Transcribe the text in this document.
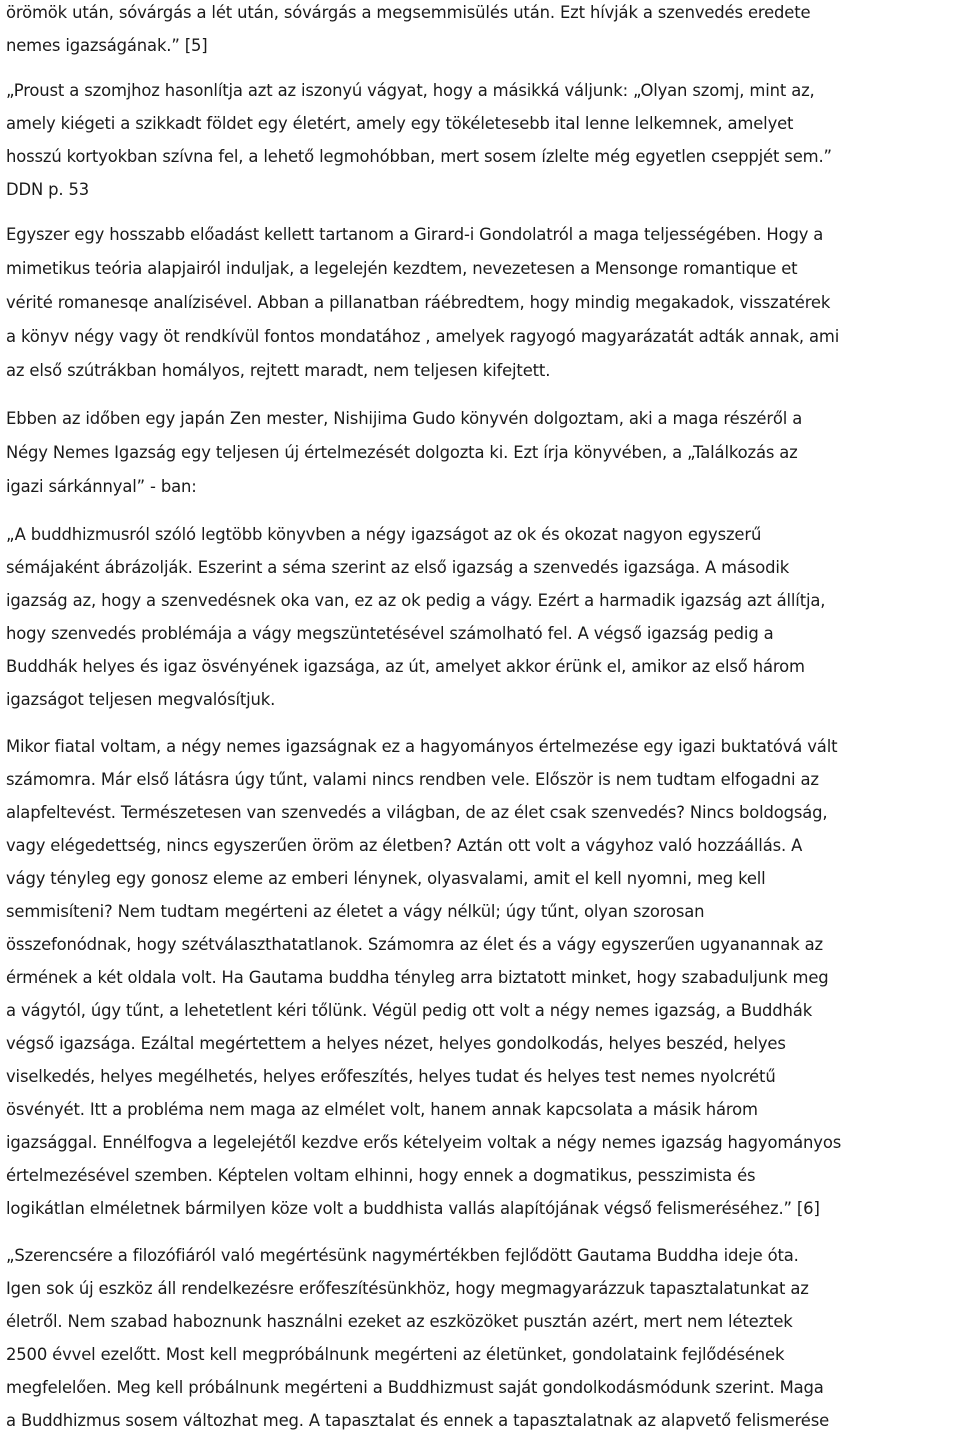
örömök után, sóvárgás a lét után, sóvárgás a megsemmisülés után. Ezt hívják a szenvedés eredete
nemes igazságának.” [5]
„Proust a szomjhoz hasonlítja azt az iszonyú vágyat, hogy a másikká váljunk: „Olyan szomj, mint az,
amely kiégeti a szikkadt földet egy életért, amely egy tökéletesebb ital lenne lelkemnek, amelyet
hosszú kortyokban szívna fel, a lehető legmohóbban, mert sosem ízlelte még egyetlen cseppjét sem.”
DDN p. 53
Egyszer egy hosszabb előadást kellett tartanom a Girard-i Gondolatról a maga teljességében. Hogy a
mimetikus teória alapjairól induljak, a legelején kezdtem, nevezetesen a Mensonge romantique et
vérité romanesqe analízisével. Abban a pillanatban ráébredtem, hogy mindig megakadok, visszatérek
a könyv négy vagy öt rendkívül fontos mondatához , amelyek ragyogó magyarázatát adták annak, ami
az első szútrákban homályos, rejtett maradt, nem teljesen kifejtett.
Ebben az időben egy japán Zen mester, Nishijima Gudo könyvén dolgoztam, aki a maga részéről a
Négy Nemes Igazság egy teljesen új értelmezését dolgozta ki. Ezt írja könyvében, a „Találkozás az
igazi sárkánnyal” - ban:
„A buddhizmusról szóló legtöbb könyvben a négy igazságot az ok és okozat nagyon egyszerű
sémájaként ábrázolják. Eszerint a séma szerint az első igazság a szenvedés igazsága. A második
igazság az, hogy a szenvedésnek oka van, ez az ok pedig a vágy. Ezért a harmadik igazság azt állítja,
hogy szenvedés problémája a vágy megszüntetésével számolható fel. A végső igazság pedig a
Buddhák helyes és igaz ösvényének igazsága, az út, amelyet akkor érünk el, amikor az első három
igazságot teljesen megvalósítjuk.
Mikor fiatal voltam, a négy nemes igazságnak ez a hagyományos értelmezése egy igazi buktatóvá vált
számomra. Már első látásra úgy tűnt, valami nincs rendben vele. Először is nem tudtam elfogadni az
alapfeltevést. Természetesen van szenvedés a világban, de az élet csak szenvedés? Nincs boldogság,
vagy elégedettség, nincs egyszerűen öröm az életben? Aztán ott volt a vágyhoz való hozzáállás. A
vágy tényleg egy gonosz eleme az emberi lénynek, olyasvalami, amit el kell nyomni, meg kell
semmisíteni? Nem tudtam megérteni az életet a vágy nélkül; úgy tűnt, olyan szorosan
összefonódnak, hogy szétválaszthatatlanok. Számomra az élet és a vágy egyszerűen ugyanannak az
érmének a két oldala volt. Ha Gautama buddha tényleg arra biztatott minket, hogy szabaduljunk meg
a vágytól, úgy tűnt, a lehetetlent kéri tőlünk. Végül pedig ott volt a négy nemes igazság, a Buddhák
végső igazsága. Ezáltal megértettem a helyes nézet, helyes gondolkodás, helyes beszéd, helyes
viselkedés, helyes megélhetés, helyes erőfeszítés, helyes tudat és helyes test nemes nyolcrétű
ösvényét. Itt a probléma nem maga az elmélet volt, hanem annak kapcsolata a másik három
igazsággal. Ennélfogva a legelejétől kezdve erős kételyeim voltak a négy nemes igazság hagyományos
értelmezésével szemben. Képtelen voltam elhinni, hogy ennek a dogmatikus, pesszimista és
logikátlan elméletnek bármilyen köze volt a buddhista vallás alapítójának végső felismeréséhez.” [6]
„Szerencsére a filozófiáról való megértésünk nagymértékben fejlődött Gautama Buddha ideje óta.
Igen sok új eszköz áll rendelkezésre erőfeszítésünkhöz, hogy megmagyarázzuk tapasztalatunkat az
életről. Nem szabad haboznunk használni ezeket az eszközöket pusztán azért, mert nem léteztek
2500 évvel ezelőtt. Most kell megpróbálnunk megérteni az életünket, gondolataink fejlődésének
megfelelően. Meg kell próbálnunk megérteni a Buddhizmust saját gondolkodásmódunk szerint. Maga
a Buddhizmus sosem változhat meg. A tapasztalat és ennek a tapasztalatnak az alapvető felismerése
